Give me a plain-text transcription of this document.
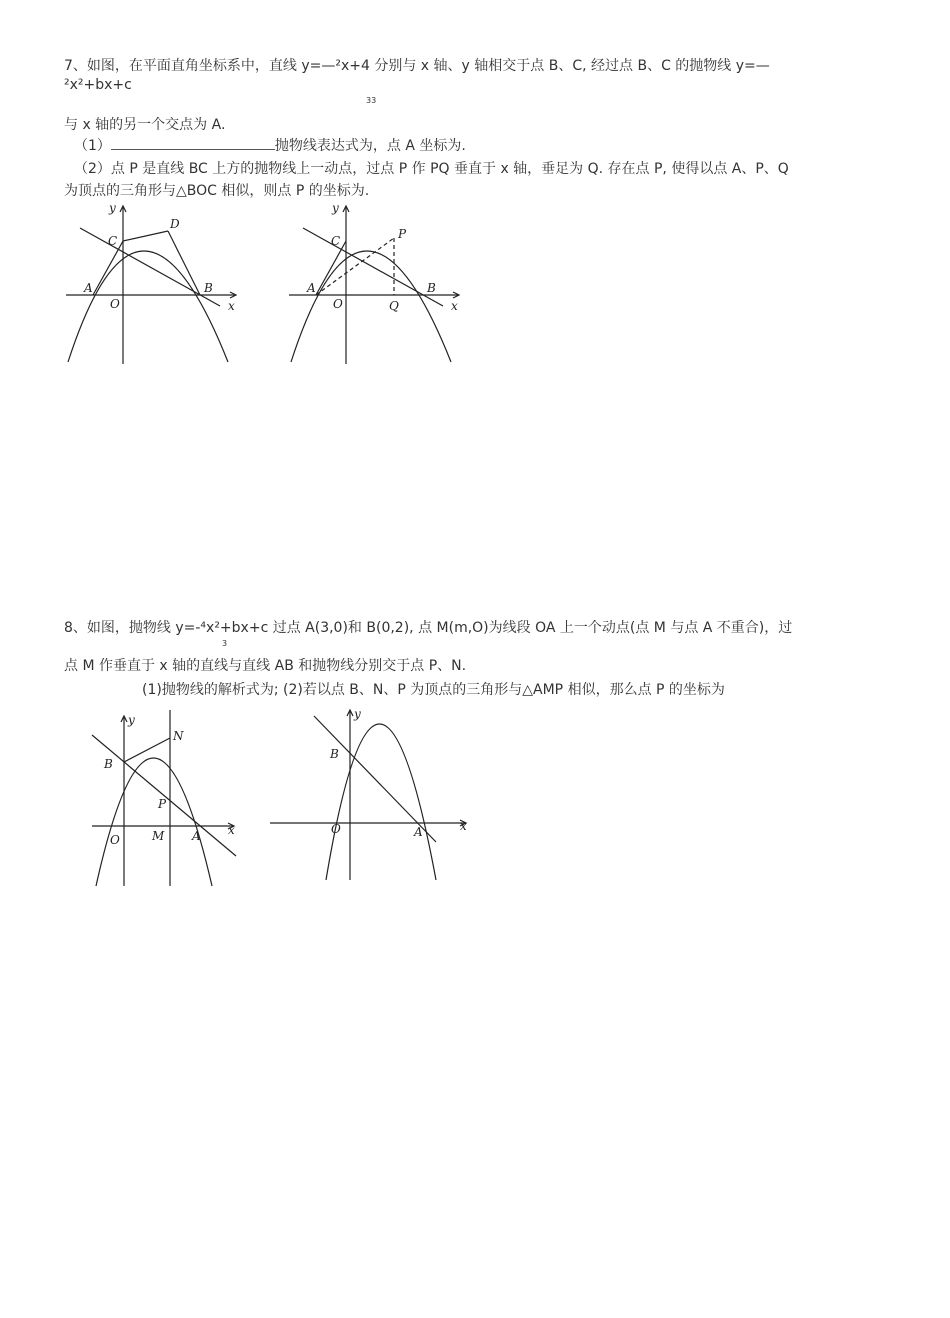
7、如图，在平面直角坐标系中，直线 y=—²x+4 分别与 x 轴、y 轴相交于点 B、C, 经过点 B、C 的抛物线 y=—
²x²+bx+c
33
与 x 轴的另一个交点为 A.
（1）	抛物线表达式为，点 A 坐标为.
（2）点 P 是直线 BC 上方的抛物线上一动点，过点 P 作 PQ 垂直于 x 轴，垂足为 Q. 存在点 P, 使得以点 A、P、Q
为顶点的三角形与△BOC 相似，则点 P 的坐标为.
y
x
A
O
B
C
D
y
x
A
O
B
C	P
Q
8、如图，抛物线 y=-⁴x²+bx+c 过点 A(3,0)和 B(0,2), 点 M(m,O)为线段 OA 上一个动点(点 M 与点 A 不重合)，过
3
点 M 作垂直于 x 轴的直线与直线 AB 和抛物线分别交于点 P、N.
(1)抛物线的解析式为; (2)若以点 B、N、P 为顶点的三角形与△AMP 相似，那么点 P 的坐标为
y
x
B
N
P
O	M A
y
x
B
O	A
